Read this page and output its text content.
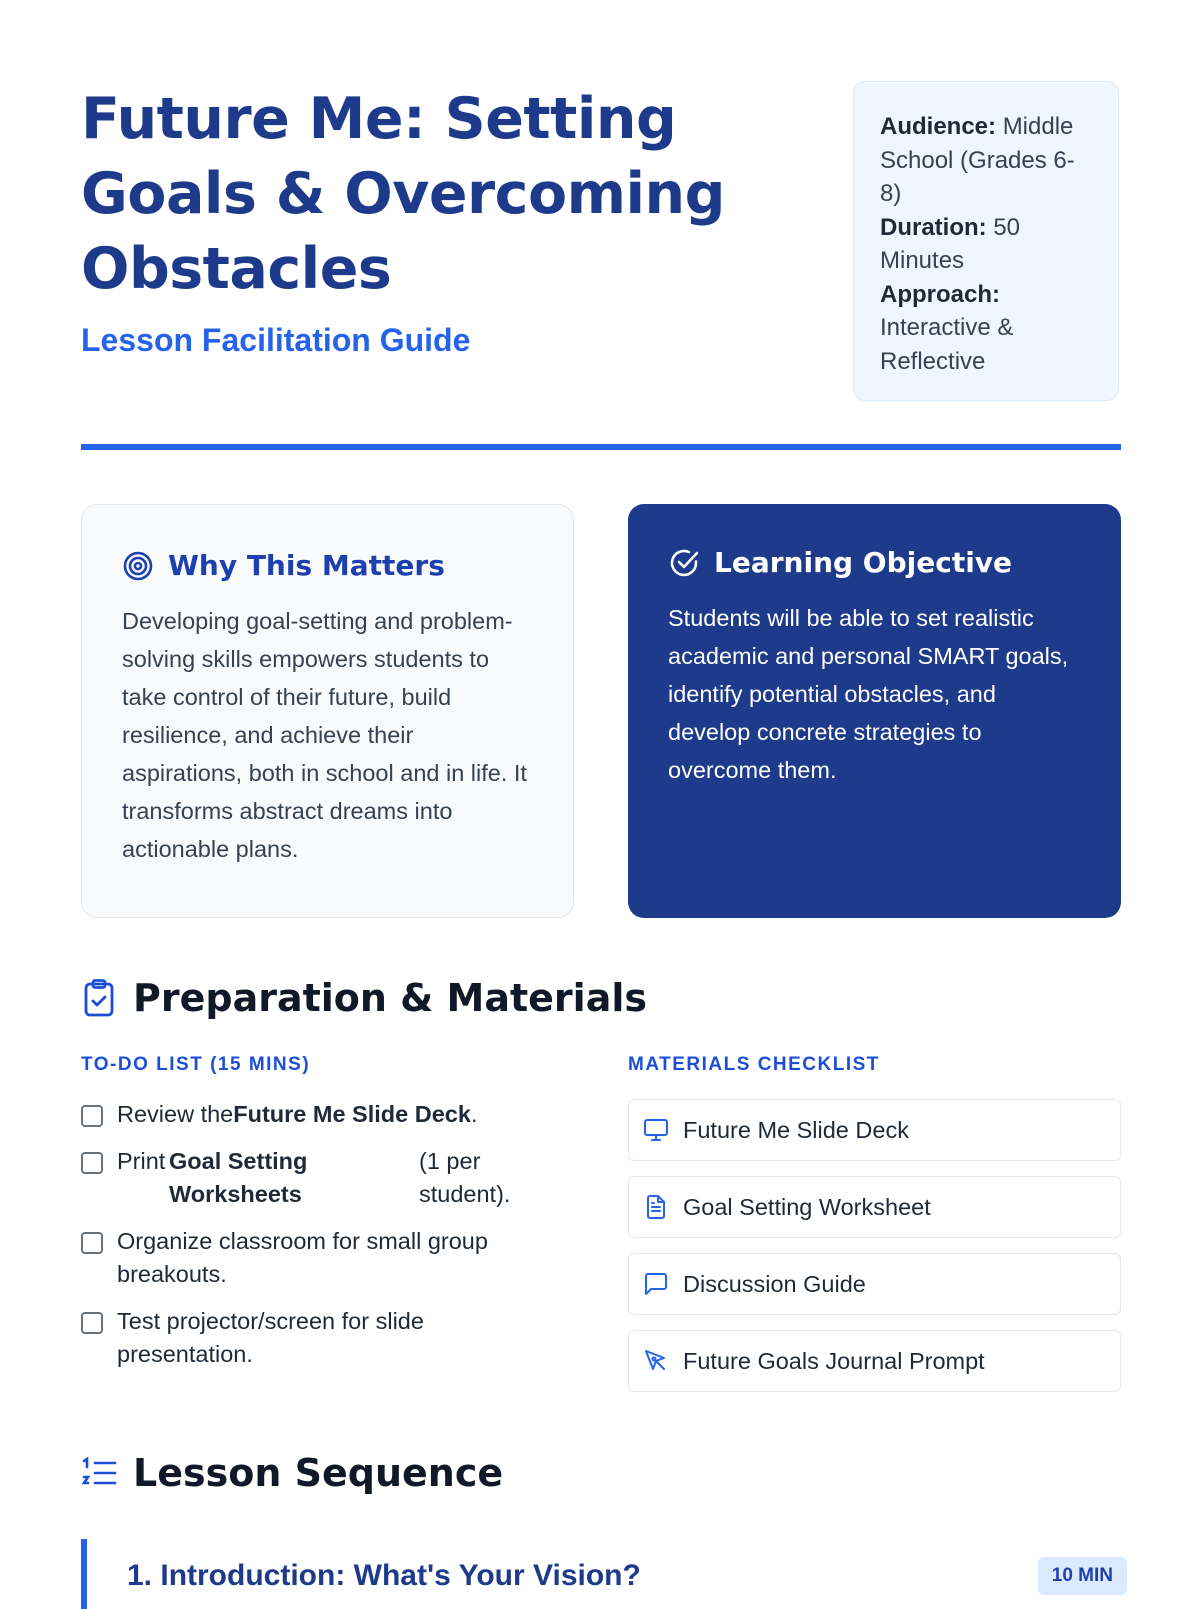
Future Me: Setting Goals & Overcoming Obstacles

Lesson Facilitation Guide

Audience: Middle School (Grades 6-8)
Duration: 50 Minutes
Approach: Interactive & Reflective
Why This Matters

Developing goal-setting and problem-solving skills empowers students to take control of their future, build resilience, and achieve their aspirations, both in school and in life. It transforms abstract dreams into actionable plans.

Learning Objective

Students will be able to set realistic academic and personal SMART goals, identify potential obstacles, and develop concrete strategies to overcome them.

Preparation & Materials

TO-DO LIST (15 MINS)

Review theFuture Me Slide Deck.
Print Goal Setting Worksheets
(1 per student).
Organize classroom for small group breakouts.
Test projector/screen for slide presentation.

MATERIALS CHECKLIST

Future Me Slide Deck
Goal Setting Worksheet
Discussion Guide
Future Goals Journal Prompt
Lesson Sequence
1. Introduction: What's Your Vision?	10 MIN
